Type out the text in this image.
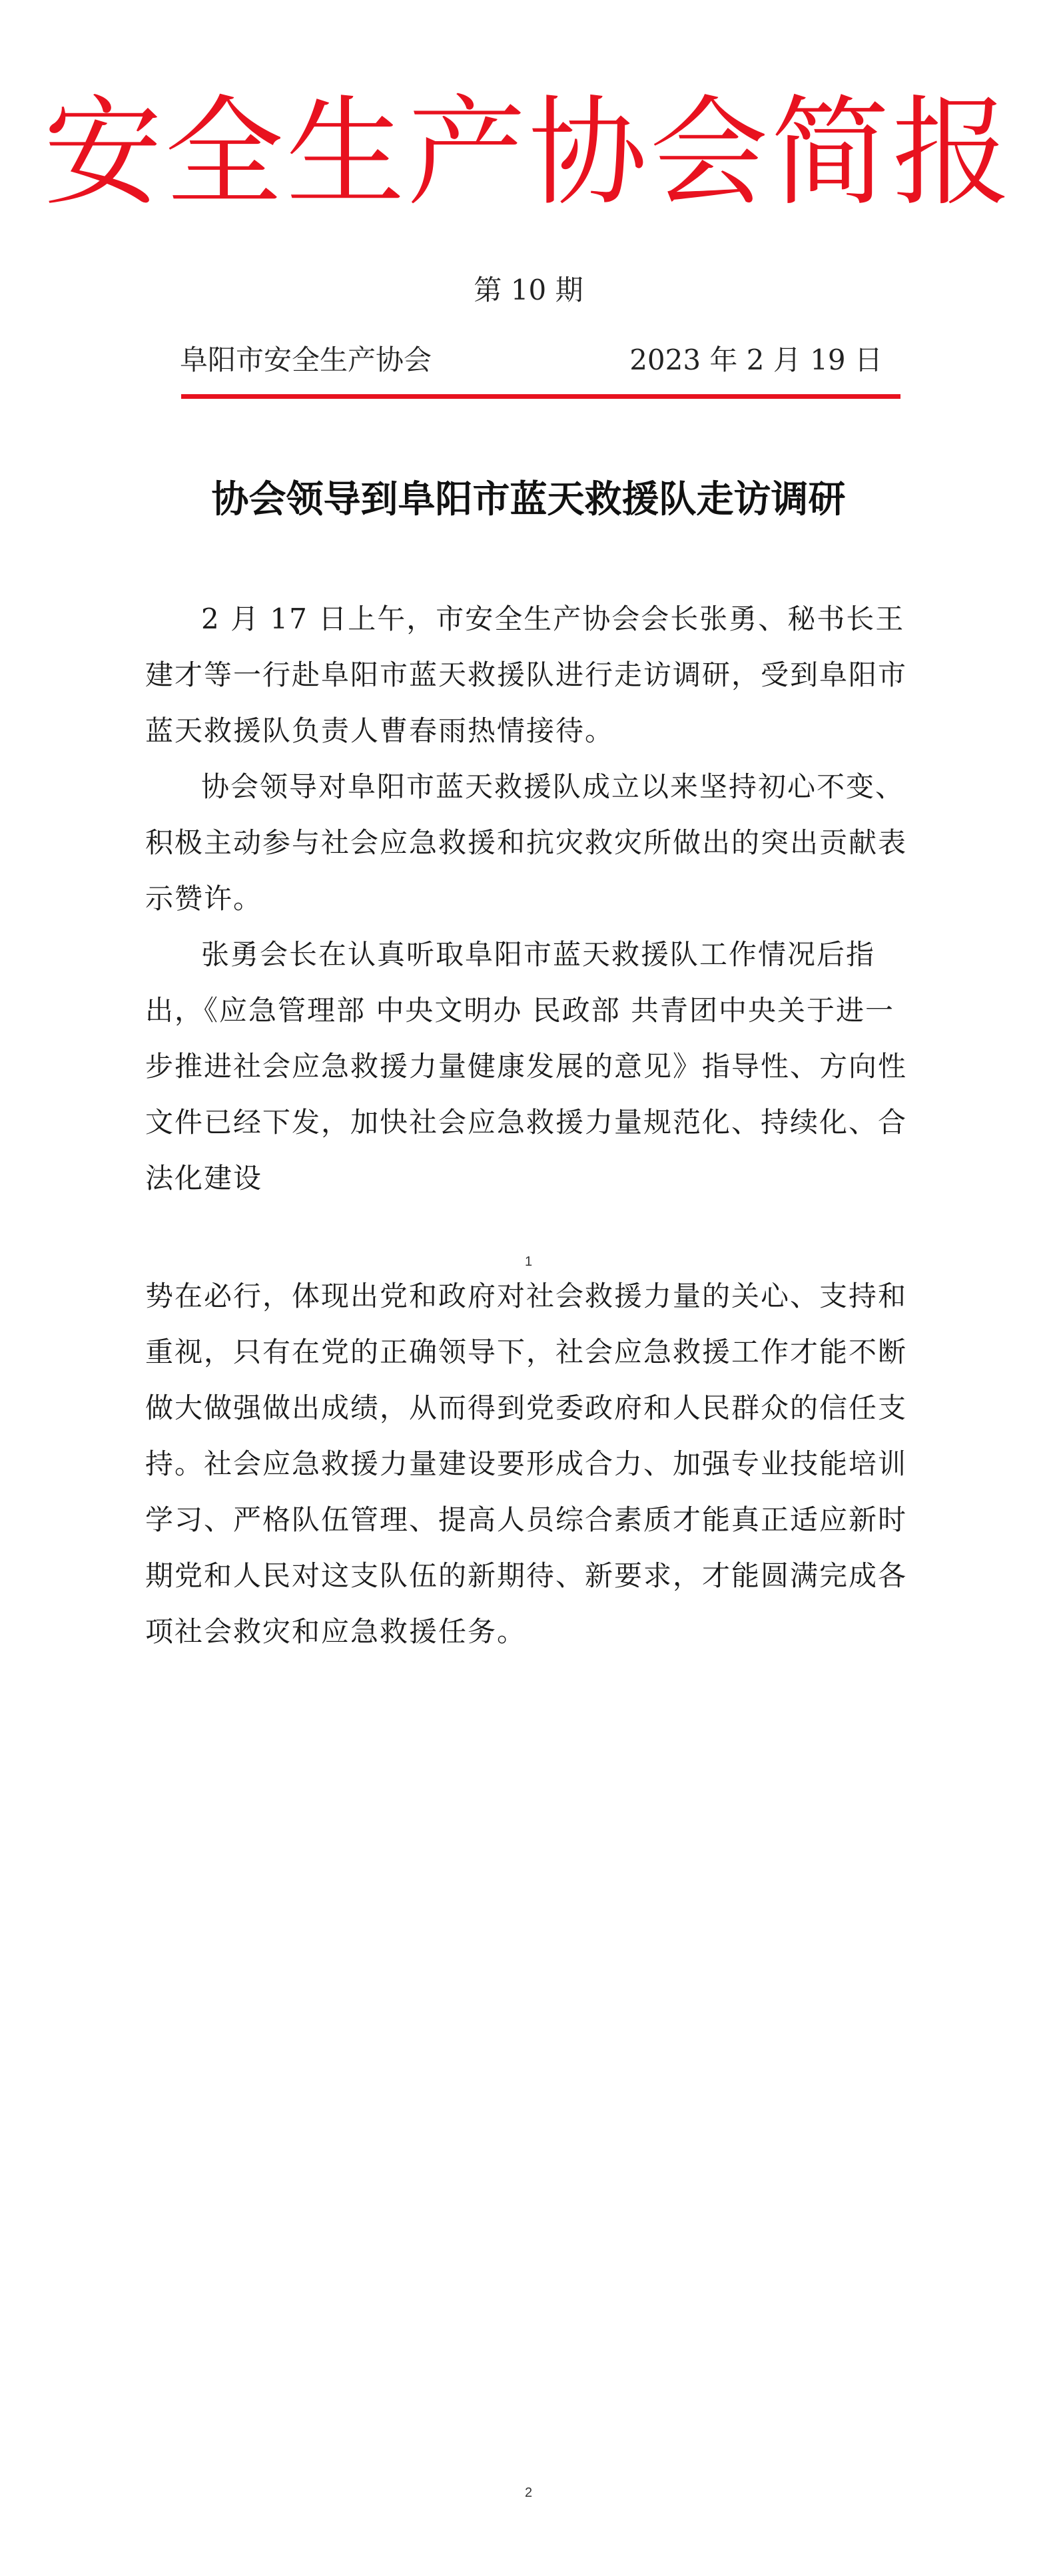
安全生产协会简报
第 10 期
阜阳市安全生产协会	2023 年 2 月 19 日
协会领导到阜阳市蓝天救援队走访调研

2 月 17 日上午，市安全生产协会会长张勇、秘书长王建才等一行赴阜阳市蓝天救援队进行走访调研，受到阜阳市蓝天救援队负责人曹春雨热情接待。

协会领导对阜阳市蓝天救援队成立以来坚持初心不变、积极主动参与社会应急救援和抗灾救灾所做出的突出贡献表示赞许。

张勇会长在认真听取阜阳市蓝天救援队工作情况后指出，《应急管理部 中央文明办 民政部 共青团中央关于进一步推进社会应急救援力量健康发展的意见》指导性、方向性文件已经下发，加快社会应急救援力量规范化、持续化、合法化建设

1

势在必行，体现出党和政府对社会救援力量的关心、支持和重视，只有在党的正确领导下，社会应急救援工作才能不断做大做强做出成绩，从而得到党委政府和人民群众的信任支持。社会应急救援力量建设要形成合力、加强专业技能培训学习、严格队伍管理、提高人员综合素质才能真正适应新时期党和人民对这支队伍的新期待、新要求，才能圆满完成各项社会救灾和应急救援任务。

2
